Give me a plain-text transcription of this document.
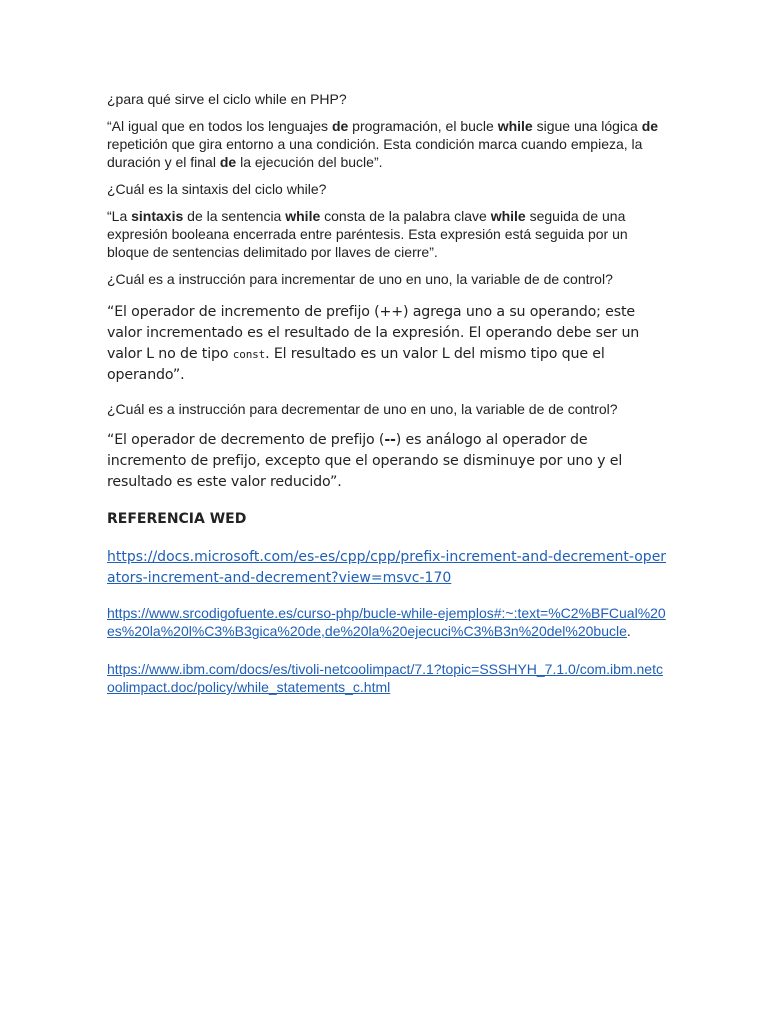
¿para qué sirve el ciclo while en PHP?

“Al igual que en todos los lenguajes de programación, el bucle while sigue una lógica de repetición que gira entorno a una condición. Esta condición marca cuando empieza, la duración y el final de la ejecución del bucle”.

¿Cuál es la sintaxis del ciclo while?

“La sintaxis de la sentencia while consta de la palabra clave while seguida de una expresión booleana encerrada entre paréntesis. Esta expresión está seguida por un bloque de sentencias delimitado por llaves de cierre”.

¿Cuál es a instrucción para incrementar de uno en uno, la variable de de control?

“El operador de incremento de prefijo (++) agrega uno a su operando; este valor incrementado es el resultado de la expresión. El operando debe ser un valor L no de tipo const. El resultado es un valor L del mismo tipo que el operando”.

¿Cuál es a instrucción para decrementar de uno en uno, la variable de de control?

“El operador de decremento de prefijo (--) es análogo al operador de incremento de prefijo, excepto que el operando se disminuye por uno y el resultado es este valor reducido”.

REFERENCIA WED

https://docs.microsoft.com/es-es/cpp/cpp/prefix-increment-and-decrement-operators-increment-and-decrement?view=msvc-170

https://www.srcodigofuente.es/curso-php/bucle-while-ejemplos#:~:text=%C2%BFCual%20es%20la%20l%C3%B3gica%20de,de%20la%20ejecuci%C3%B3n%20del%20bucle.

https://www.ibm.com/docs/es/tivoli-netcoolimpact/7.1?topic=SSSHYH_7.1.0/com.ibm.netcoolimpact.doc/policy/while_statements_c.html
